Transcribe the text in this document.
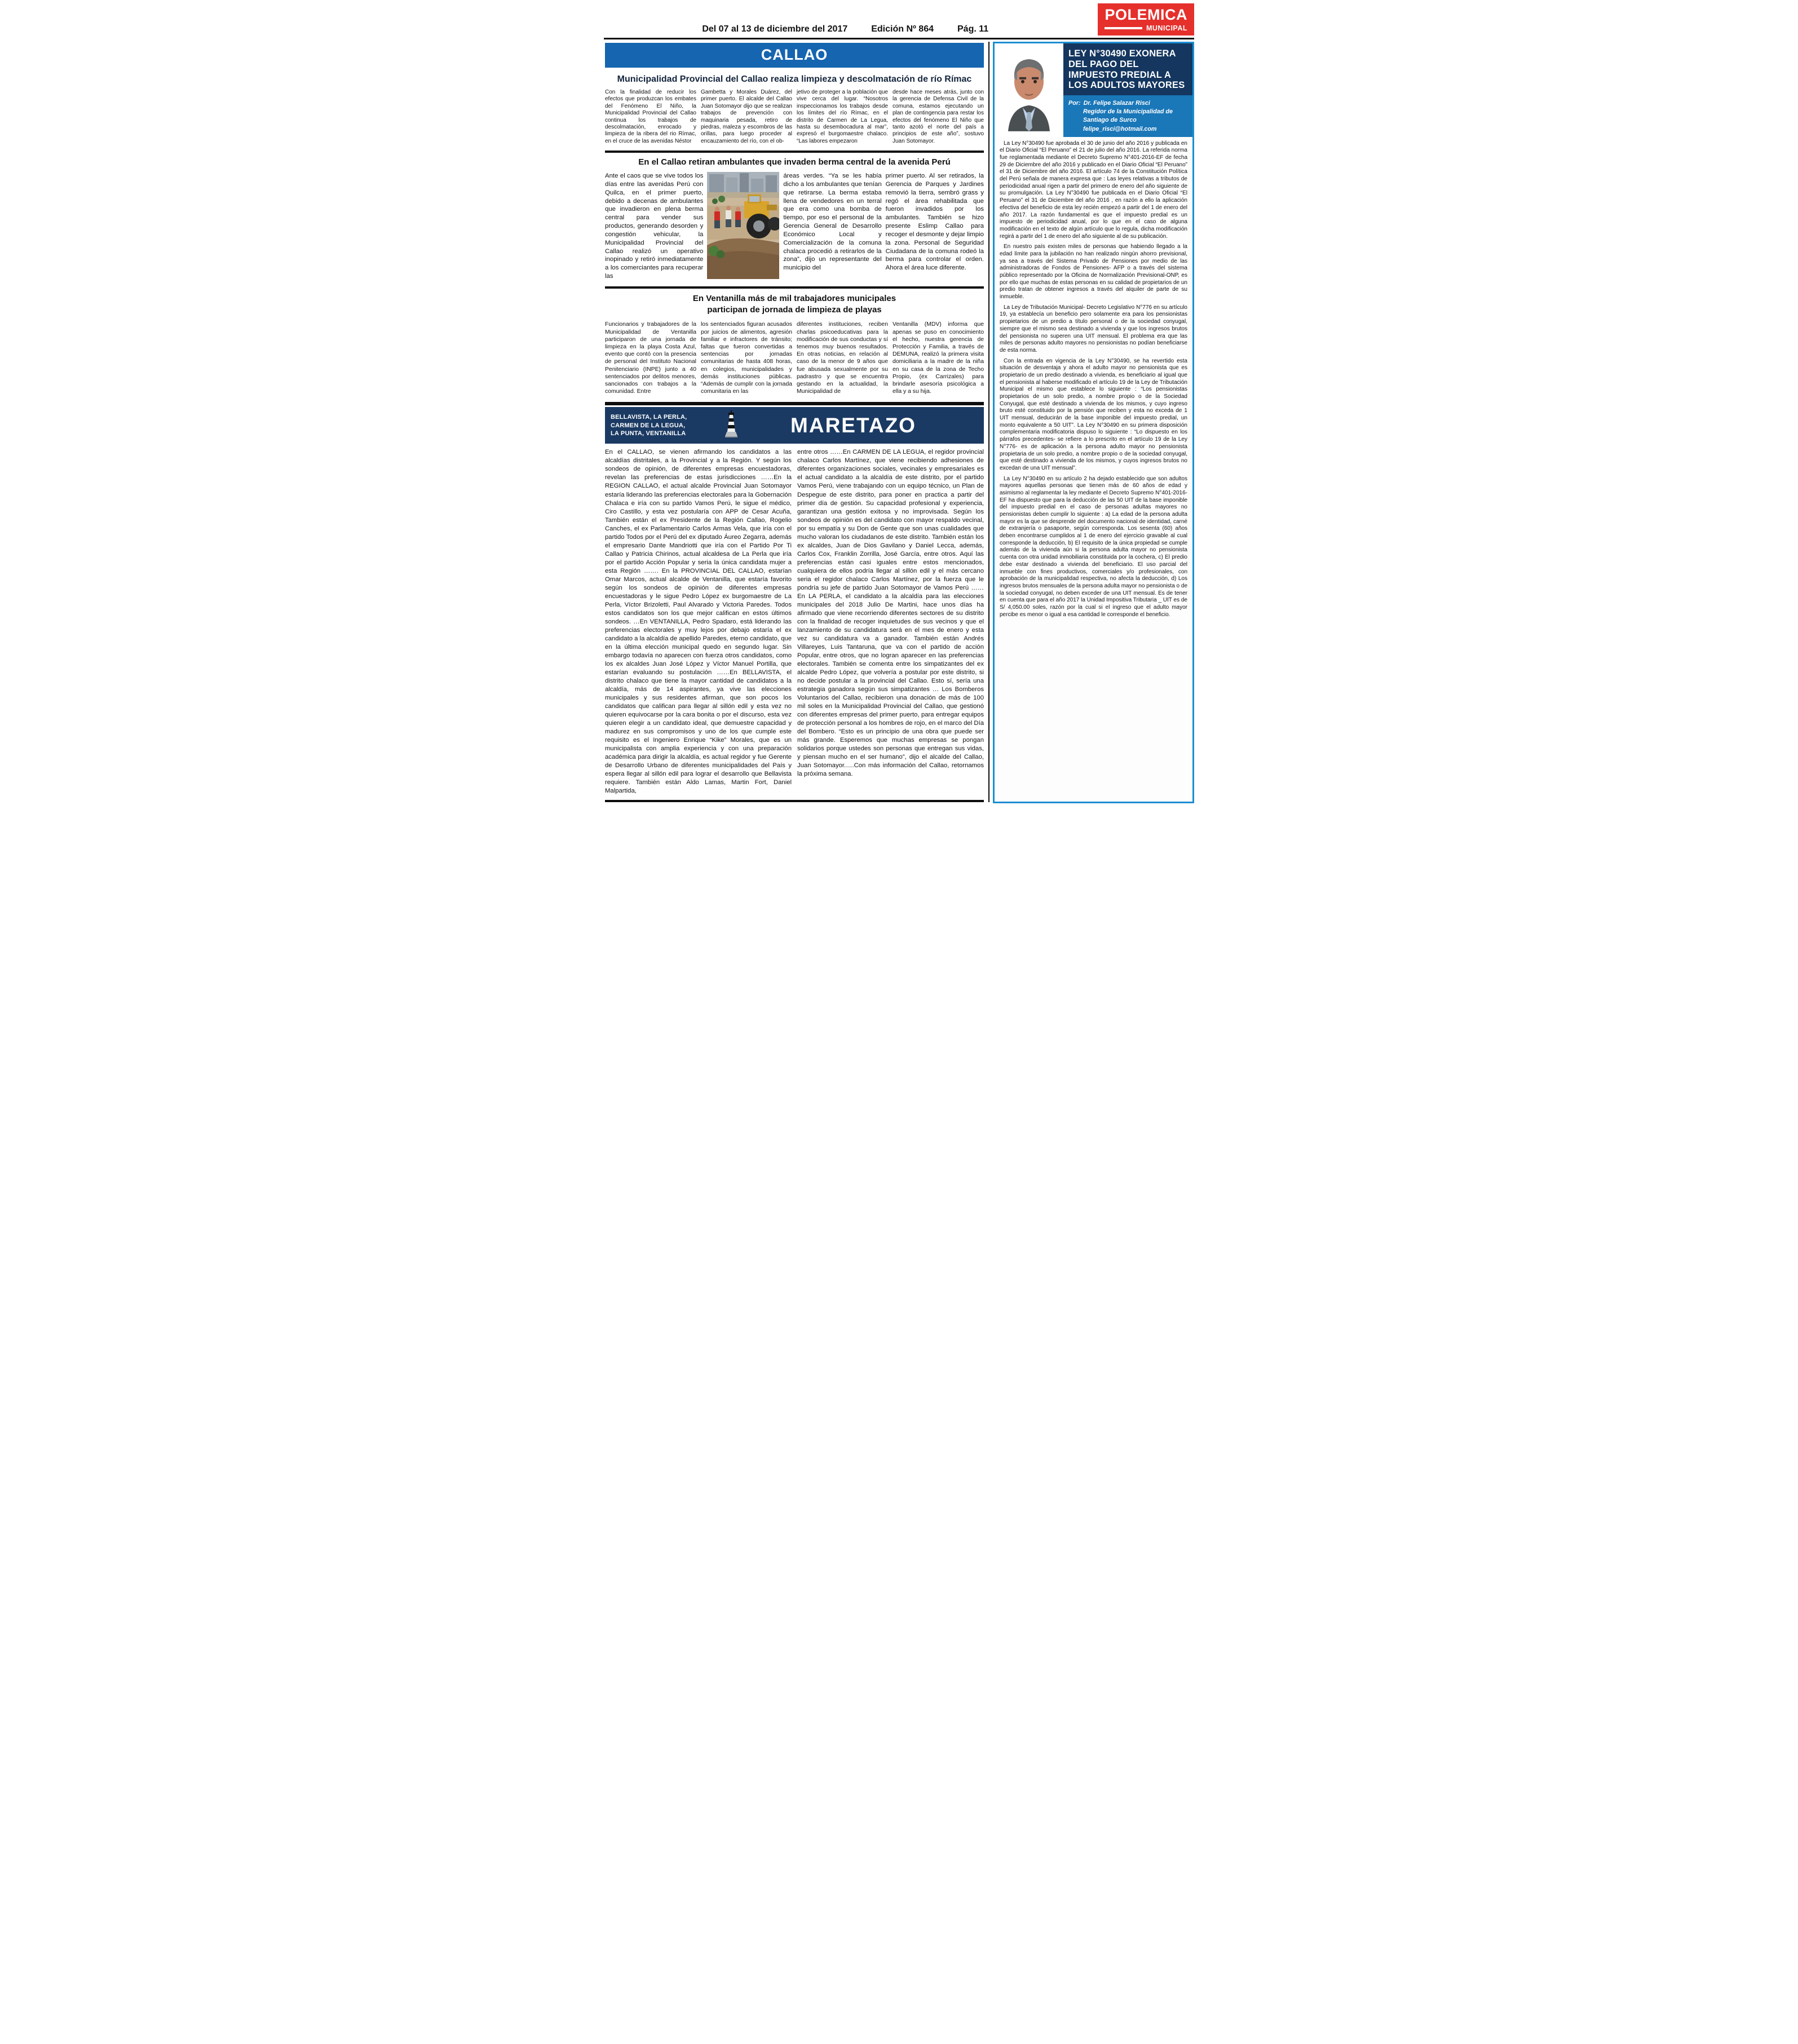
Del 07 al 13 de diciembre del 2017	Edición Nº 864	Pág. 11
POLEMICA
MUNICIPAL
CALLAO
Municipalidad Provincial del Callao realiza limpieza y descolmatación de río Rímac
Con la finalidad de reducir los efectos que produzcan los embates del Fenómeno El Niño, la Municipalidad Provincial del Callao continua los trabajos de descolmatación, enrocado y limpieza de la ribera del rio Rímac, en el cruce de las avenidas Néstor
Gambetta y Morales Duárez, del primer puerto. El alcalde del Callao Juan Sotomayor dijo que se realizan trabajos de prevención con maquinaria pesada, retiro de piedras, maleza y escombros de las orillas, para luego proceder al encauzamiento del río, con el ob-
jetivo de proteger a la población que vive cerca del lugar. “Nosotros inspeccionamos los trabajos desde los límites del río Rímac, en el distrito de Carmen de La Legua, hasta su desembocadura al mar”, expresó el burgomaestre chalaco. “Las labores empezaron
desde hace meses atrás, junto con la gerencia de Defensa Civil de la comuna, estamos ejecutando un plan de contingencia para restar los efectos del fenómeno El Niño que tanto azotó el norte del país a principios de este año”, sostuvo Juan Sotomayor.
En el Callao retiran ambulantes que invaden berma central de la avenida Perú
Ante el caos que se vive todos los días entre las avenidas Perú con Quilca, en el primer puerto, debido a decenas de ambulantes que invadieron en plena berma central para vender sus productos, generando desorden y congestión vehicular, la Municipalidad Provincial del Callao realizó un operativo inopinado y retiró inmediatamente a los comerciantes para recuperar las
áreas verdes. “Ya se les había dicho a los ambulantes que tenían que retirarse. La berma estaba llena de vendedores en un terral que era como una bomba de tiempo, por eso el personal de la Gerencia General de Desarrollo Económico Local y Comercialización de la comuna chalaca procedió a retirarlos de la zona”, dijo un representante del municipio del
primer puerto. Al ser retirados, la Gerencia de Parques y Jardines removió la tierra, sembró grass y regó el área rehabilitada que fueron invadidos por los ambulantes. También se hizo presente Eslimp Callao para recoger el desmonte y dejar limpio la zona. Personal de Seguridad Ciudadana de la comuna rodeó la berma para controlar el orden. Ahora el área luce diferente.
En Ventanilla más de mil trabajadores municipales
participan de jornada de limpieza de playas
Funcionarios y trabajadores de la Municipalidad de Ventanilla participaron de una jornada de limpieza en la playa Costa Azul, evento que contó con la presencia de personal del Instituto Nacional Penitenciario (INPE) junto a 40 sentenciados por delitos menores, sancionados con trabajos a la comunidad. Entre
los sentenciados figuran acusados por juicios de alimentos, agresión familiar e infractores de tránsito; faltas que fueron convertidas a sentencias por jornadas comunitarias de hasta 408 horas, en colegios, municipalidades y demás instituciones públicas. “Además de cumplir con la jornada comunitaria en las
diferentes instituciones, reciben charlas psicoeducativas para la modificación de sus conductas y sí tenemos muy buenos resultados. En otras noticias, en relación al caso de la menor de 9 años que fue abusada sexualmente por su padrastro y que se encuentra gestando en la actualidad, la Municipalidad de
Ventanilla (MDV) informa que apenas se puso en conocimiento el hecho, nuestra gerencia de Protección y Familia, a través de DEMUNA, realizó la primera visita domiciliaria a la madre de la niña en su casa de la zona de Techo Propio, (ex Carrizales) para brindarle asesoría psicológica a ella y a su hija.
BELLAVISTA, LA PERLA,
CARMEN DE LA LEGUA,
LA PUNTA, VENTANILLA	MARETAZO
En el CALLAO, se vienen afirmando los candidatos a las alcaldías distritales, a la Provincial y a la Región. Y según los sondeos de opinión, de diferentes empresas encuestadoras, revelan las preferencias de estas jurisdicciones ……En la REGION CALLAO, el actual alcalde Provincial Juan Sotomayor estaría liderando las preferencias electorales para la Gobernación Chalaca e iría con su partido Vamos Perú, le sigue el médico, Ciro Castillo, y esta vez postularía con APP de Cesar Acuña, También están el ex Presidente de la Región Callao, Rogelio Canches, el ex Parlamentario Carlos Armas Vela, que iría con el partido Todos por el Perú del ex diputado Áureo Zegarra, además el empresario Dante Mandriotti que iría con el Partido Por Ti Callao y Patricia Chirinos, actual alcaldesa de La Perla que iría por el partido Acción Popular y seria la única candidata mujer a esta Región ……. En la PROVINCIAL DEL CALLAO, estarían Omar Marcos, actual alcalde de Ventanilla, que estaría favorito según los sondeos de opinión de diferentes empresas encuestadoras y le sigue Pedro López ex burgomaestre de La Perla, Víctor Brizoletti, Paul Alvarado y Victoria Paredes. Todos estos candidatos son los que mejor califican en estos últimos sondeos. …En VENTANILLA, Pedro Spadaro, está liderando las preferencias electorales y muy lejos por debajo estaría el ex candidato a la alcaldía de apellido Paredes, eterno candidato, que en la última elección municipal quedo en segundo lugar. Sin embargo todavía no aparecen con fuerza otros candidatos, como los ex alcaldes Juan José López y Víctor Manuel Portilla, que estarían evaluando su postulación ……En BELLAVISTA, el distrito chalaco que tiene la mayor cantidad de candidatos a la alcaldía, más de 14 aspirantes, ya vive las elecciones municipales y sus residentes afirman, que son pocos los candidatos que califican para llegar al sillón edil y esta vez no quieren equivocarse por la cara bonita o por el discurso, esta vez quieren elegir a un candidato ideal, que demuestre capacidad y madurez en sus compromisos y uno de los que cumple este requisito es el Ingeniero Enrique “Kike” Morales, que es un municipalista con amplia experiencia y con una preparación académica para dirigir la alcaldía, es actual regidor y fue Gerente de Desarrollo Urbano de diferentes municipalidades del País y espera llegar al sillón edil para lograr el desarrollo que Bellavista requiere. También están Aldo Lamas, Martin Fort, Daniel Malpartida,
entre otros ……En CARMEN DE LA LEGUA, el regidor provincial chalaco Carlos Martínez, que viene recibiendo adhesiones de diferentes organizaciones sociales, vecinales y empresariales es el actual candidato a la alcaldía de este distrito, por el partido Vamos Perú, viene trabajando con un equipo técnico, un Plan de Despegue de este distrito, para poner en practica a partir del primer día de gestión. Su capacidad profesional y experiencia, garantizan una gestión exitosa y no improvisada. Según los sondeos de opinión es del candidato con mayor respaldo vecinal, por su empatía y su Don de Gente que son unas cualidades que mucho valoran los ciudadanos de este distrito. También están los ex alcaldes, Juan de Dios Gavilano y Daniel Lecca, además, Carlos Cox, Franklin Zorrilla, José García, entre otros. Aquí las preferencias están casi iguales entre estos mencionados, cualquiera de ellos podría llegar al sillón edil y el más cercano seria el regidor chalaco Carlos Martínez, por la fuerza que le pondría su jefe de partido Juan Sotomayor de Vamos Perú …… En LA PERLA, el candidato a la alcaldía para las elecciones municipales del 2018 Julio De Martini, hace unos días ha afirmado que viene recorriendo diferentes sectores de su distrito con la finalidad de recoger inquietudes de sus vecinos y que el lanzamiento de su candidatura será en el mes de enero y esta vez su candidatura va a ganador. También están Andrés Villareyes, Luis Tantaruna, que va con el partido de acción Popular, entre otros, que no logran aparecer en las preferencias electorales. También se comenta entre los simpatizantes del ex alcalde Pedro López, que volvería a postular por este distrito, si no decide postular a la provincial del Callao. Esto sí, sería una estrategia ganadora según sus simpatizantes … Los Bomberos Voluntarios del Callao, recibieron una donación de más de 100 mil soles en la Municipalidad Provincial del Callao, que gestionó con diferentes empresas del primer puerto, para entregar equipos de protección personal a los hombres de rojo, en el marco del Día del Bombero. “Esto es un principio de una obra que puede ser más grande. Esperemos que muchas empresas se pongan solidarios porque ustedes son personas que entregan sus vidas, y piensan mucho en el ser humano”, dijo el alcalde del Callao, Juan Sotomayor.….Con más información del Callao, retornamos la próxima semana.
LEY N°30490 EXONERA DEL PAGO DEL IMPUESTO PREDIAL A LOS ADULTOS MAYORES
Por: Dr. Felipe Salazar Risci
Regidor de la Municipalidad de
Santiago de Surco
felipe_risci@hotmail.com

La Ley N°30490 fue aprobada el 30 de junio del año 2016 y publicada en el Diario Oficial “El Peruano” el 21 de julio del año 2016. La referida norma fue reglamentada mediante el Decreto Supremo N°401-2016-EF de fecha 29 de Diciembre del año 2016 y publicado en el Diario Oficial “El Peruano” el 31 de Diciembre del año 2016. El artículo 74 de la Constitución Política del Perú señala de manera expresa que : Las leyes relativas a tributos de periodicidad anual rigen a partir del primero de enero del año siguiente de su promulgación. La Ley N°30490 fue publicada en el Diario Oficial “El Peruano” el 31 de Diciembre del año 2016 , en razón a ello la aplicación efectiva del beneficio de esta ley recién empezó a partir del 1 de enero del año 2017. La razón fundamental es que el impuesto predial es un impuesto de periodicidad anual, por lo que en el caso de alguna modificación en el texto de algún artículo que lo regula, dicha modificación regirá a partir del 1 de enero del año siguiente al de su publicación.

En nuestro país existen miles de personas que habiendo llegado a la edad límite para la jubilación no han realizado ningún ahorro previsional, ya sea a través del Sistema Privado de Pensiones por medio de las administradoras de Fondos de Pensiones- AFP o a través del sistema público representado por la Oficina de Normalización Previsional-ONP, es por ello que muchas de estas personas en su calidad de propietarios de un predio tratan de obtener ingresos a través del alquiler de parte de su inmueble.

La Ley de Tributación Municipal- Decreto Legislativo N°776 en su artículo 19, ya establecía un beneficio pero solamente era para los pensionistas propietarios de un predio a título personal o de la sociedad conyugal, siempre que el mismo sea destinado a vivienda y que los ingresos brutos del pensionista no superen una UIT mensual. El problema era que las miles de personas adulto mayores no pensionistas no podían beneficiarse de esta norma.

Con la entrada en vigencia de la Ley N°30490, se ha revertido esta situación de desventaja y ahora el adulto mayor no pensionista que es propietario de un predio destinado a vivienda, es beneficiario al igual que el pensionista al haberse modificado el artículo 19 de la Ley de Tributación Municipal el mismo que establece lo siguiente : “Los pensionistas propietarios de un solo predio, a nombre propio o de la Sociedad Conyugal, que esté destinado a vivienda de los mismos, y cuyo ingreso bruto esté constituido por la pensión que reciben y esta no exceda de 1 UIT mensual, deducirán de la base imponible del impuesto predial, un monto equivalente a 50 UIT”. La Ley N°30490 en su primera disposición complementaria modificatoria dispuso lo siguiente : “Lo dispuesto en los párrafos precedentes- se refiere a lo prescrito en el artículo 19 de la Ley N°776- es de aplicación a la persona adulto mayor no pensionista propietaria de un solo predio, a nombre propio o de la sociedad conyugal, que esté destinado a vivienda de los mismos, y cuyos ingresos brutos no excedan de una UIT mensual”.

La Ley N°30490 en su artículo 2 ha dejado establecido que son adultos mayores aquellas personas que tienen más de 60 años de edad y asimismo al reglamentar la ley mediante el Decreto Supremo N°401-2016-EF ha dispuesto que para la deducción de las 50 UIT de la base imponible del impuesto predial en el caso de personas adultas mayores no pensionistas deben cumplir lo siguiente : a) La edad de la persona adulta mayor es la que se desprende del documento nacional de identidad, carné de extranjería o pasaporte, según corresponda. Los sesenta (60) años deben encontrarse cumplidos al 1 de enero del ejercicio gravable al cual corresponde la deducción, b) El requisito de la única propiedad se cumple además de la vivienda aún si la persona adulta mayor no pensionista cuenta con otra unidad inmobiliaria constituida por la cochera, c) El predio debe estar destinado a vivienda del beneficiario. El uso parcial del inmueble con fines productivos, comerciales y/o profesionales, con aprobación de la municipalidad respectiva, no afecta la deducción, d) Los ingresos brutos mensuales de la persona adulta mayor no pensionista o de la sociedad conyugal, no deben exceder de una UIT mensual. Es de tener en cuenta que para el año 2017 la Unidad Impositiva Tributaria _ UIT es de S/ 4,050.00 soles, razón por la cual si el ingreso que el adulto mayor percibe es menor o igual a esa cantidad le corresponde el beneficio.
